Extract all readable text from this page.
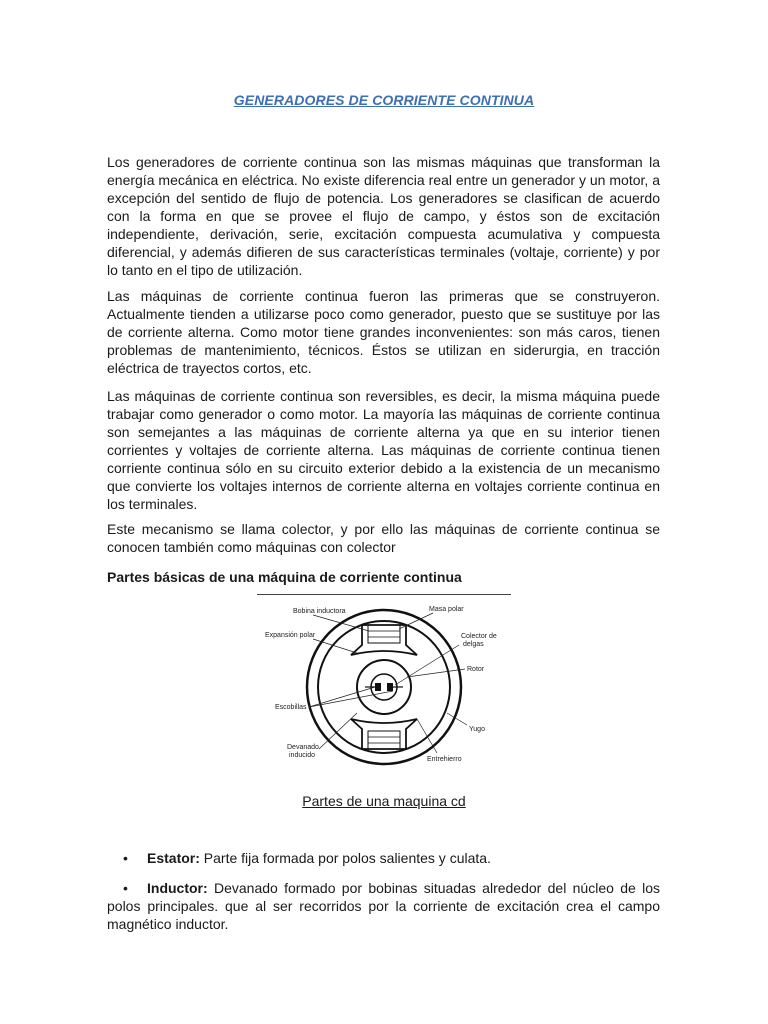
GENERADORES DE CORRIENTE CONTINUA

Los generadores de corriente continua son las mismas máquinas que transforman la energía mecánica en eléctrica. No existe diferencia real entre un generador y un motor, a excepción del sentido de flujo de potencia. Los generadores se clasifican de acuerdo con la forma en que se provee el flujo de campo, y éstos son de excitación independiente, derivación, serie, excitación compuesta acumulativa y compuesta diferencial, y además difieren de sus características terminales (voltaje, corriente) y por lo tanto en el tipo de utilización.

Las máquinas de corriente continua fueron las primeras que se construyeron. Actualmente tienden a utilizarse poco como generador, puesto que se sustituye por las de corriente alterna. Como motor tiene grandes inconvenientes: son más caros, tienen problemas de mantenimiento, técnicos. Éstos se utilizan en siderurgia, en tracción eléctrica de trayectos cortos, etc.

Las máquinas de corriente continua son reversibles, es decir, la misma máquina puede trabajar como generador o como motor. La mayoría las máquinas de corriente continua son semejantes a las máquinas de corriente alterna ya que en su interior tienen corrientes y voltajes de corriente alterna. Las máquinas de corriente continua tienen corriente continua sólo en su circuito exterior debido a la existencia de un mecanismo que convierte los voltajes internos de corriente alterna en voltajes corriente continua en los terminales.

Este mecanismo se llama colector, y por ello las máquinas de corriente continua se conocen también como máquinas con colector

Partes básicas de una máquina de corriente continua

Bobina inductora	Masa polar
Expansión polar	Colector de
delgas
Rotor
Escobillas
Yugo
Devanado
inducido
Entrehierro
Partes de una maquina cd

• Estator: Parte fija formada por polos salientes y culata.

• Inductor: Devanado formado por bobinas situadas alrededor del núcleo de los polos principales. que al ser recorridos por la corriente de excitación crea el campo magnético inductor.
